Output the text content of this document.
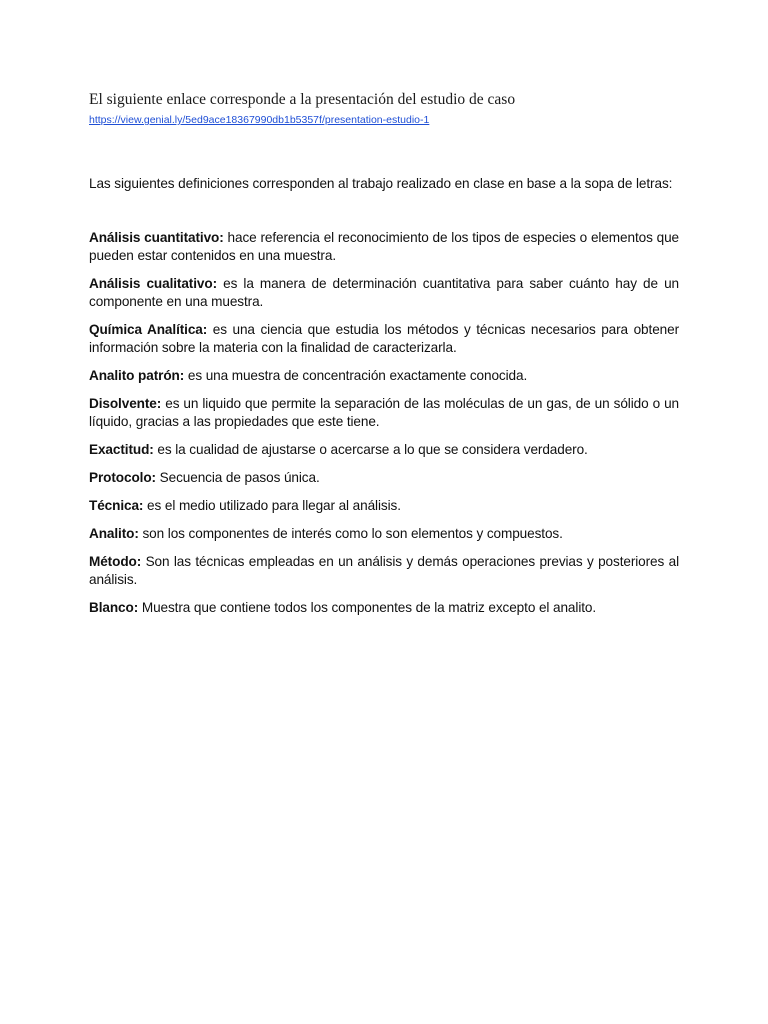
El siguiente enlace corresponde a la presentación del estudio de caso

https://view.genial.ly/5ed9ace18367990db1b5357f/presentation-estudio-1

Las siguientes definiciones corresponden al trabajo realizado en clase en base a la sopa de letras:

Análisis cuantitativo: hace referencia el reconocimiento de los tipos de especies o elementos que pueden estar contenidos en una muestra.

Análisis cualitativo: es la manera de determinación cuantitativa para saber cuánto hay de un componente en una muestra.

Química Analítica: es una ciencia que estudia los métodos y técnicas necesarios para obtener información sobre la materia con la finalidad de caracterizarla.

Analito patrón: es una muestra de concentración exactamente conocida.

Disolvente: es un liquido que permite la separación de las moléculas de un gas, de un sólido o un líquido, gracias a las propiedades que este tiene.

Exactitud: es la cualidad de ajustarse o acercarse a lo que se considera verdadero.

Protocolo: Secuencia de pasos única.

Técnica: es el medio utilizado para llegar al análisis.

Analito: son los componentes de interés como lo son elementos y compuestos.

Método: Son las técnicas empleadas en un análisis y demás operaciones previas y posteriores al análisis.

Blanco: Muestra que contiene todos los componentes de la matriz excepto el analito.
